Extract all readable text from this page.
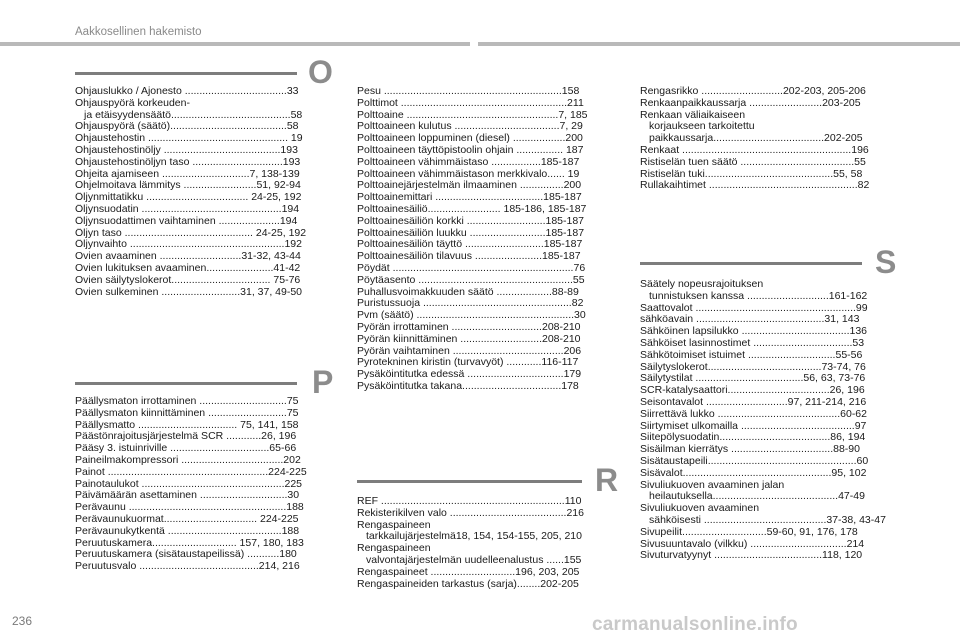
Aakkosellinen hakemisto
O
Ohjauslukko / Ajonesto ...................................33
Ohjauspyörä korkeuden-
ja etäisyydensäätö.........................................58
Ohjauspyörä (säätö)........................................58
Ohjaustehostin ................................................ 19
Ohjaustehostinöljy ........................................193
Ohjaustehostinöljyn taso ...............................193
Ohjeita ajamiseen ..............................7, 138-139
Ohjelmoitava lämmitys .........................51, 92-94
Öljynmittatikku ................................... 24-25, 192
Öljynsuodatin ................................................194
Öljynsuodattimen vaihtaminen .....................194
Öljyn taso ............................................ 24-25, 192
Öljynvaihto .....................................................192
Ovien avaaminen ............................31-32, 43-44
Ovien lukituksen avaaminen.......................41-42
Ovien säilytyslokerot.................................. 75-76
Ovien sulkeminen ...........................31, 37, 49-50
P
Päällysmaton irrottaminen ..............................75
Päällysmaton kiinnittäminen ...........................75
Päällysmatto .................................. 75, 141, 158
Päästönrajoitusjärjestelmä SCR ............26, 196
Pääsy 3. istuinriville ..................................65-66
Paineilmakompressori ...................................202
Painot .......................................................224-225
Painotaulukot .................................................225
Päivämäärän asettaminen ..............................30
Perävaunu ......................................................188
Perävaunukuormat................................ 224-225
Perävaunukytkentä .......................................188
Peruutuskamera............................. 157, 180, 183
Peruutuskamera (sisätaustapeilissä) ...........180
Peruutusvalo .........................................214, 216
Pesu .............................................................158
Polttimot .........................................................211
Polttoaine ....................................................7, 185
Polttoaineen kulutus ....................................7, 29
Polttoaineen loppuminen (diesel) ..................200
Polttoaineen täyttöpistoolin ohjain ................ 187
Polttoaineen vähimmäistaso .................185-187
Polttoaineen vähimmäistason merkkivalo...... 19
Polttoainejärjestelmän ilmaaminen ...............200
Polttoainemittari .....................................185-187
Polttoainesäiliö......................... 185-186, 185-187
Polttoainesäiliön korkki ...........................185-187
Polttoainesäiliön luukku ..........................185-187
Polttoainesäiliön täyttö ...........................185-187
Polttoainesäiliön tilavuus .......................185-187
Pöydät ..............................................................76
Pöytäasento .....................................................55
Puhallusvoimakkuuden säätö ...................88-89
Puristussuoja ...................................................82
Pvm (säätö) ......................................................30
Pyörän irrottaminen ...............................208-210
Pyörän kiinnittäminen ............................208-210
Pyörän vaihtaminen ......................................206
Pyrotekninen kiristin (turvavyöt) ............116-117
Pysäköintitutka edessä .................................179
Pysäköintitutka takana..................................178
R
REF ...............................................................110
Rekisterikilven valo ........................................216
Rengaspaineen
tarkkailujärjestelmä18, 154, 154-155, 205, 210
Rengaspaineen
valvontajärjestelmän uudelleenalustus ......155
Rengaspaineet .............................196, 203, 205
Rengaspaineiden tarkastus (sarja)........202-205
Rengasrikko ............................202-203, 205-206
Renkaanpaikkaussarja .........................203-205
Renkaan väliaikaiseen
korjaukseen tarkoitettu
paikkaussarja......................................202-205
Renkaat ..........................................................196
Ristiselän tuen säätö .......................................55
Ristiselän tuki............................................55, 58
Rullakaihtimet ...................................................82
S
Säätely nopeusrajoituksen
tunnistuksen kanssa ............................161-162
Saattovalot .......................................................99
sähköavain ............................................31, 143
Sähköinen lapsilukko .....................................136
Sähköiset lasinnostimet ..................................53
Sähkötoimiset istuimet ..............................55-56
Säilytyslokerot.......................................73-74, 76
Säilytystilat .....................................56, 63, 73-76
SCR-katalysaattori...................................26, 196
Seisontavalot ............................97, 211-214, 216
Siirrettävä lukko ..........................................60-62
Siirtymiset ulkomailla .......................................97
Siitepölysuodatin......................................86, 194
Sisäilman kierrätys ...................................88-90
Sisätaustapeili...................................................60
Sisävalot...................................................95, 102
Sivuliukuoven avaaminen jalan
heilautuksella...........................................47-49
Sivuliukuoven avaaminen
sähköisesti ..........................................37-38, 43-47
Sivupeilit.............................59-60, 91, 176, 178
Sivusuuntavalo (vilkku) .................................214
Sivuturvatyynyt .....................................118, 120
236	carmanualsonline.info
